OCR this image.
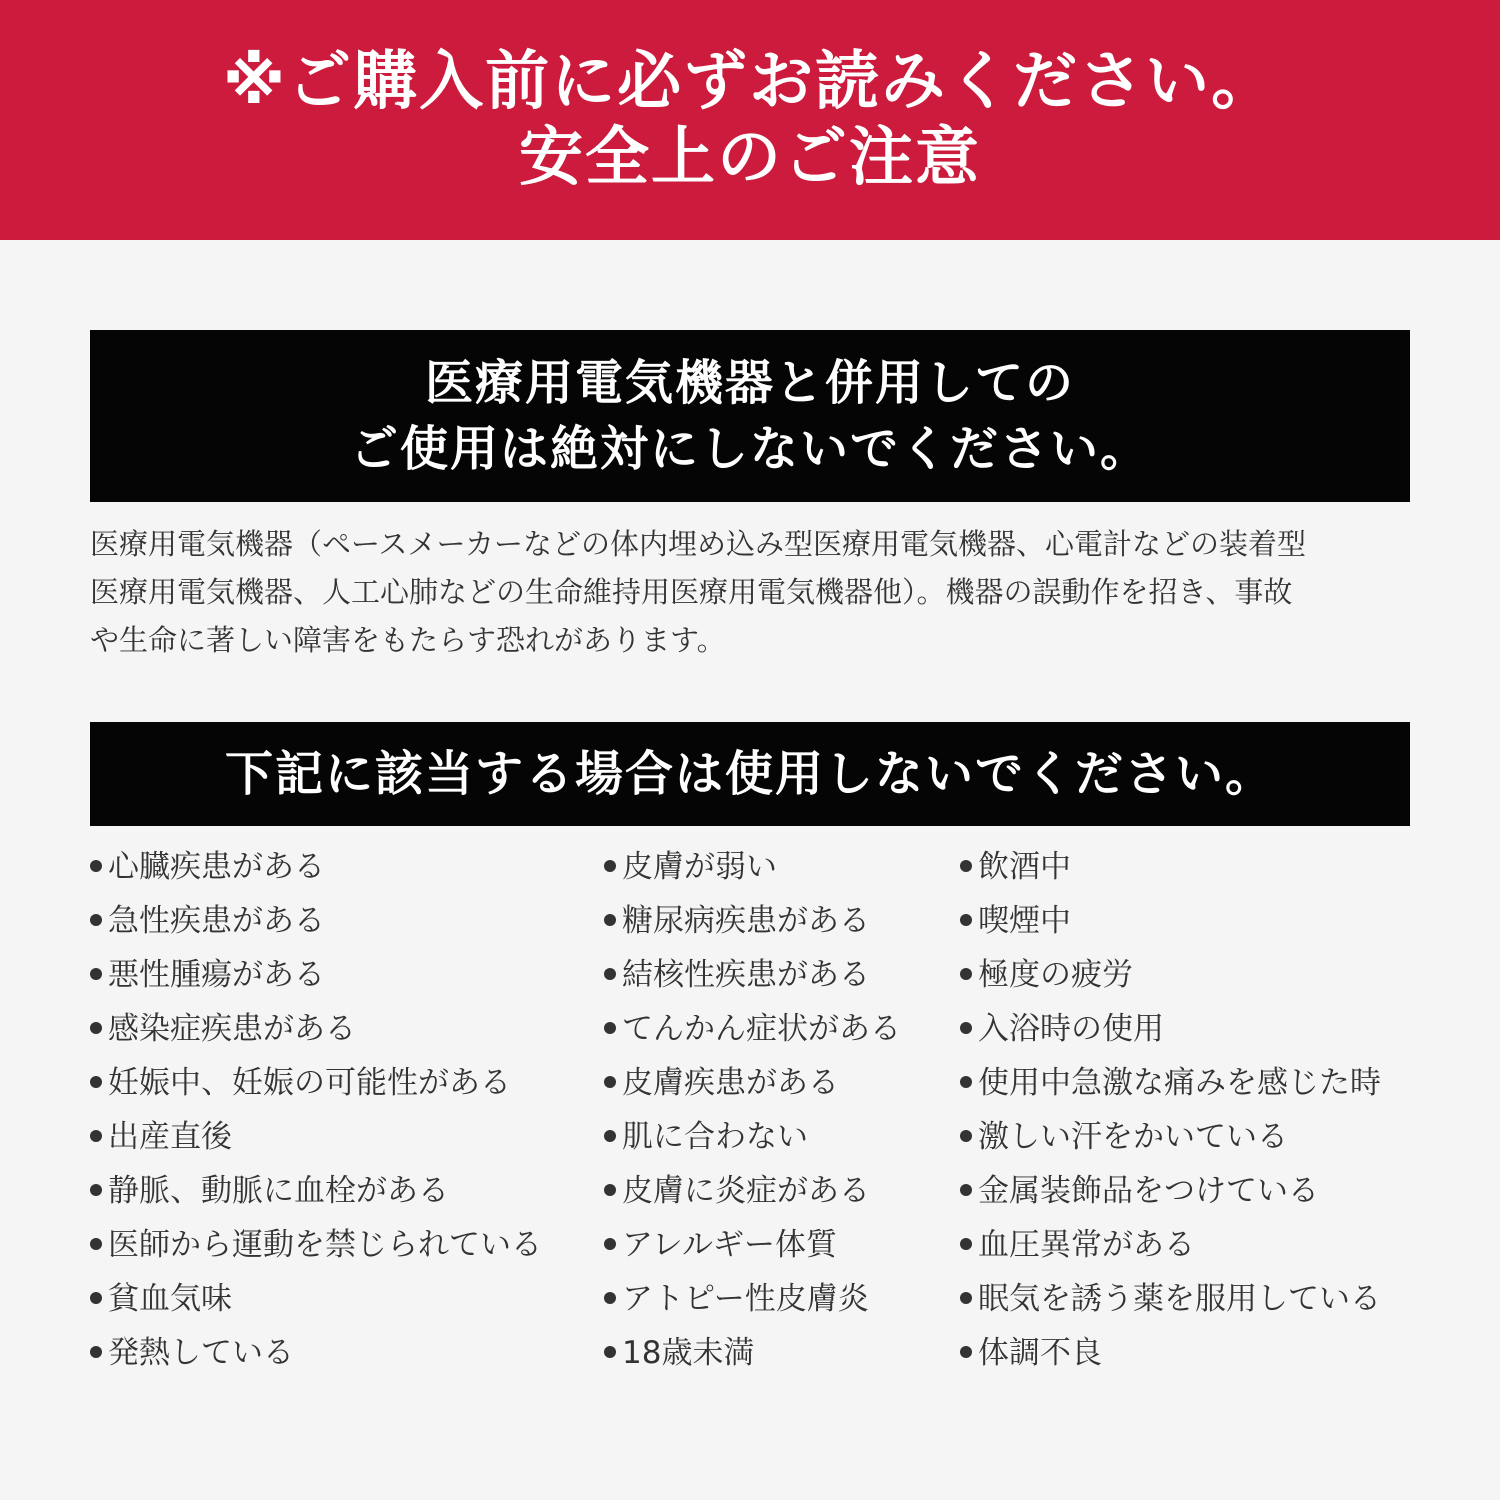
※ご購入前に必ずお読みください。
安全上のご注意
医療用電気機器と併用しての
ご使用は絶対にしないでください。
医療用電気機器（ペースメーカーなどの体内埋め込み型医療用電気機器、心電計などの装着型
医療用電気機器、人工心肺などの生命維持用医療用電気機器他）。機器の誤動作を招き、事故
や生命に著しい障害をもたらす恐れがあります。
下記に該当する場合は使用しないでください。
心臓疾患がある
急性疾患がある
悪性腫瘍がある
感染症疾患がある
妊娠中、妊娠の可能性がある
出産直後
静脈、動脈に血栓がある
医師から運動を禁じられている
貧血気味
発熱している
皮膚が弱い
糖尿病疾患がある
結核性疾患がある
てんかん症状がある
皮膚疾患がある
肌に合わない
皮膚に炎症がある
アレルギー体質
アトピー性皮膚炎
18歳未満
飲酒中
喫煙中
極度の疲労
入浴時の使用
使用中急激な痛みを感じた時
激しい汗をかいている
金属装飾品をつけている
血圧異常がある
眠気を誘う薬を服用している
体調不良
